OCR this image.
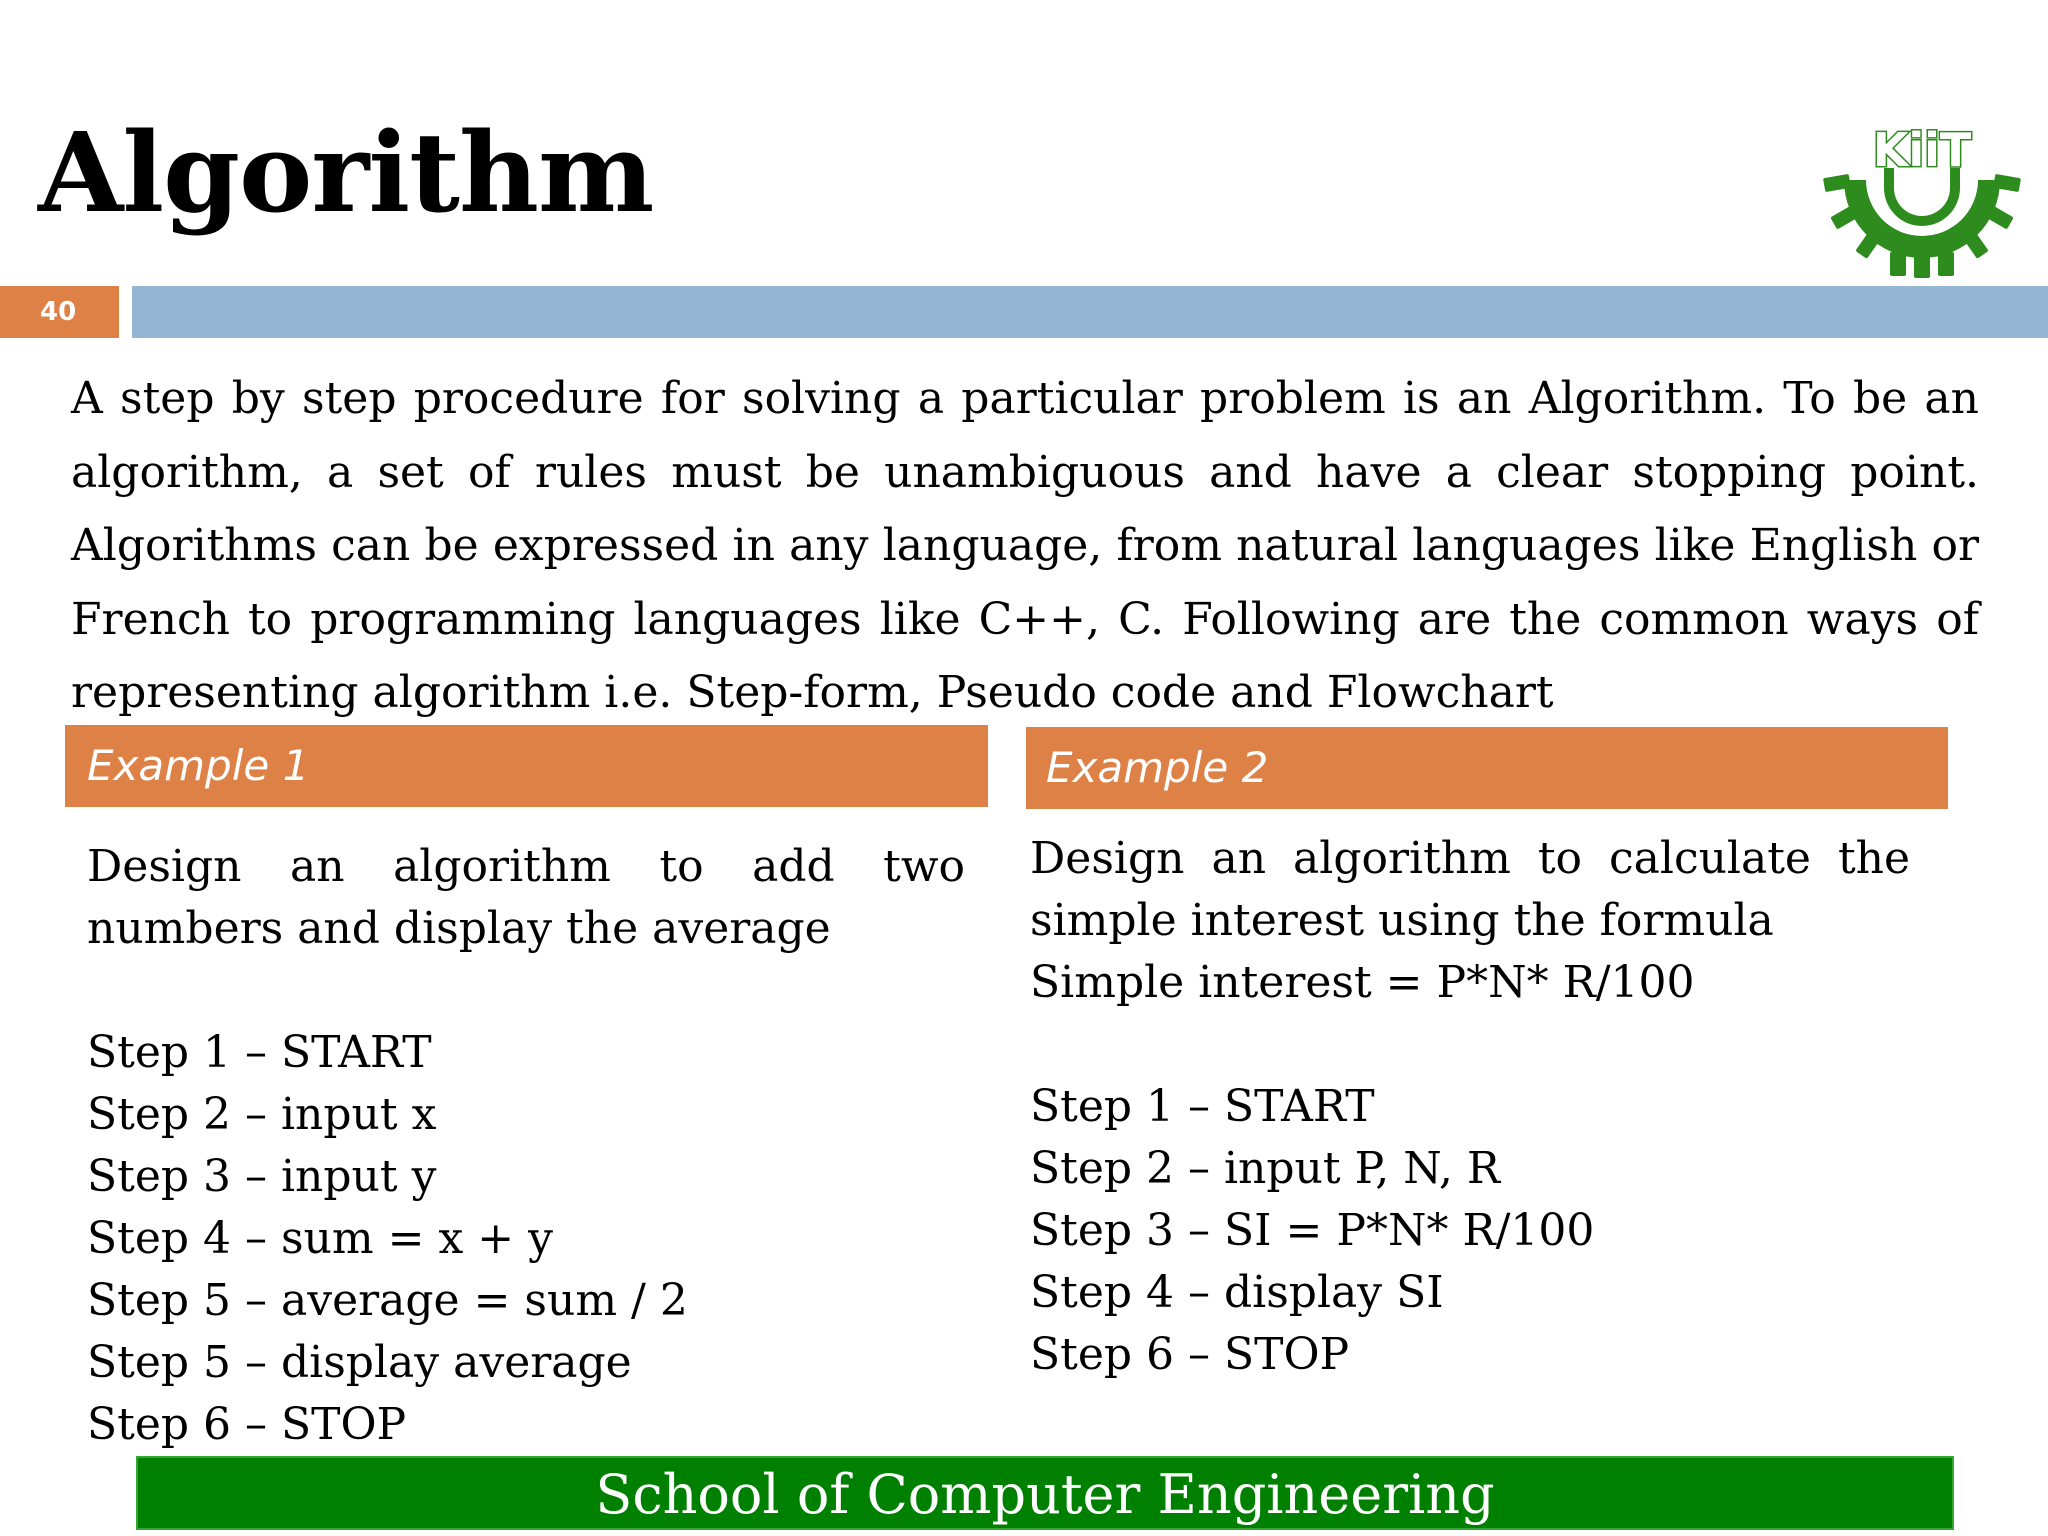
Algorithm	KiiT
40

A step by step procedure for solving a particular problem is an Algorithm. To be an algorithm, a set of rules must be unambiguous and have a clear stopping point. Algorithms can be expressed in any language, from natural languages like English or French to programming languages like C++, C. Following are the common ways of representing algorithm i.e. Step-form, Pseudo code and Flowchart

Example 1	Example 2

Design an algorithm to add two numbers and display the average

Step 1 – START
Step 2 – input x
Step 3 – input y
Step 4 – sum = x + y
Step 5 – average = sum / 2
Step 5 – display average
Step 6 – STOP

Design an algorithm to calculate the simple interest using the formula

Simple interest = P*N* R/100
Step 1 – START
Step 2 – input P, N, R
Step 3 – SI = P*N* R/100
Step 4 – display SI
Step 6 – STOP
School of Computer Engineering
